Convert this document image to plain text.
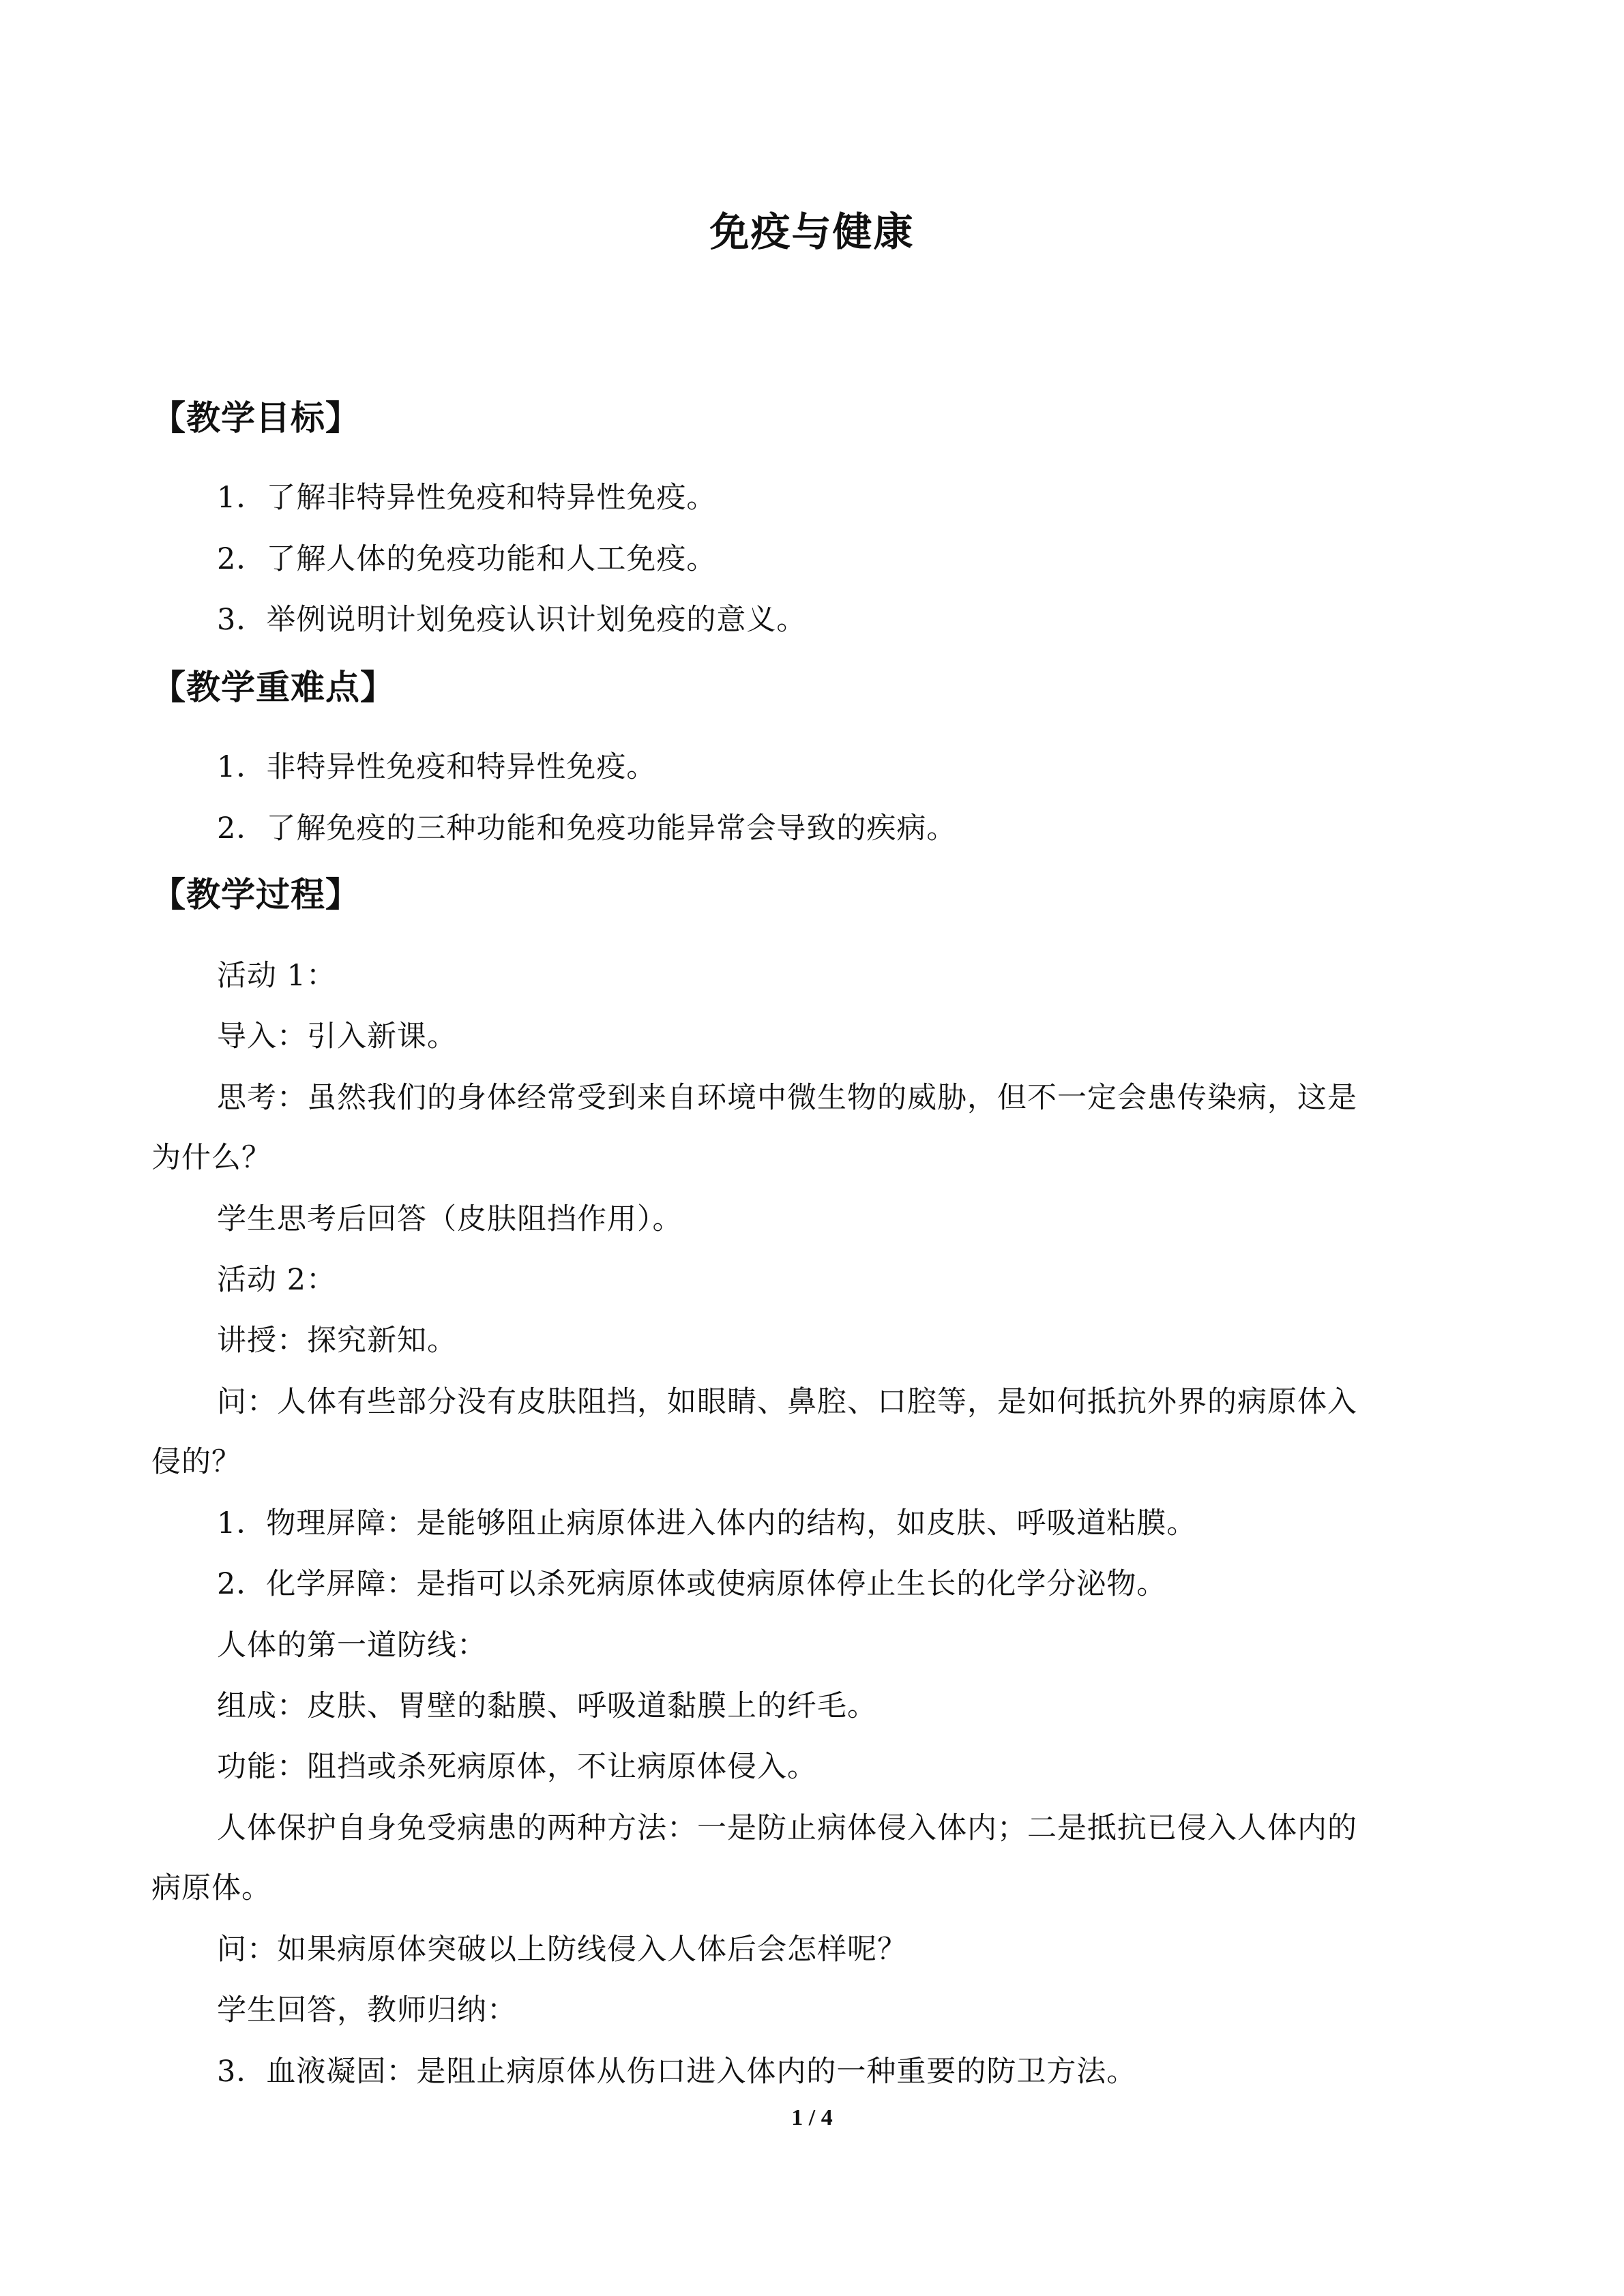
免疫与健康
【教学目标】
1．了解非特异性免疫和特异性免疫。
2．了解人体的免疫功能和人工免疫。
3．举例说明计划免疫认识计划免疫的意义。
【教学重难点】
1．非特异性免疫和特异性免疫。
2．了解免疫的三种功能和免疫功能异常会导致的疾病。
【教学过程】
活动 1：
导入：引入新课。
思考：虽然我们的身体经常受到来自环境中微生物的威胁，但不一定会患传染病，这是
为什么？
学生思考后回答（皮肤阻挡作用）。
活动 2：
讲授：探究新知。
问：人体有些部分没有皮肤阻挡，如眼睛、鼻腔、口腔等，是如何抵抗外界的病原体入
侵的？
1．物理屏障：是能够阻止病原体进入体内的结构，如皮肤、呼吸道粘膜。
2．化学屏障：是指可以杀死病原体或使病原体停止生长的化学分泌物。
人体的第一道防线：
组成：皮肤、胃壁的黏膜、呼吸道黏膜上的纤毛。
功能：阻挡或杀死病原体，不让病原体侵入。
人体保护自身免受病患的两种方法：一是防止病体侵入体内；二是抵抗已侵入人体内的
病原体。
问：如果病原体突破以上防线侵入人体后会怎样呢？
学生回答，教师归纳：
3．血液凝固：是阻止病原体从伤口进入体内的一种重要的防卫方法。
1 / 4
